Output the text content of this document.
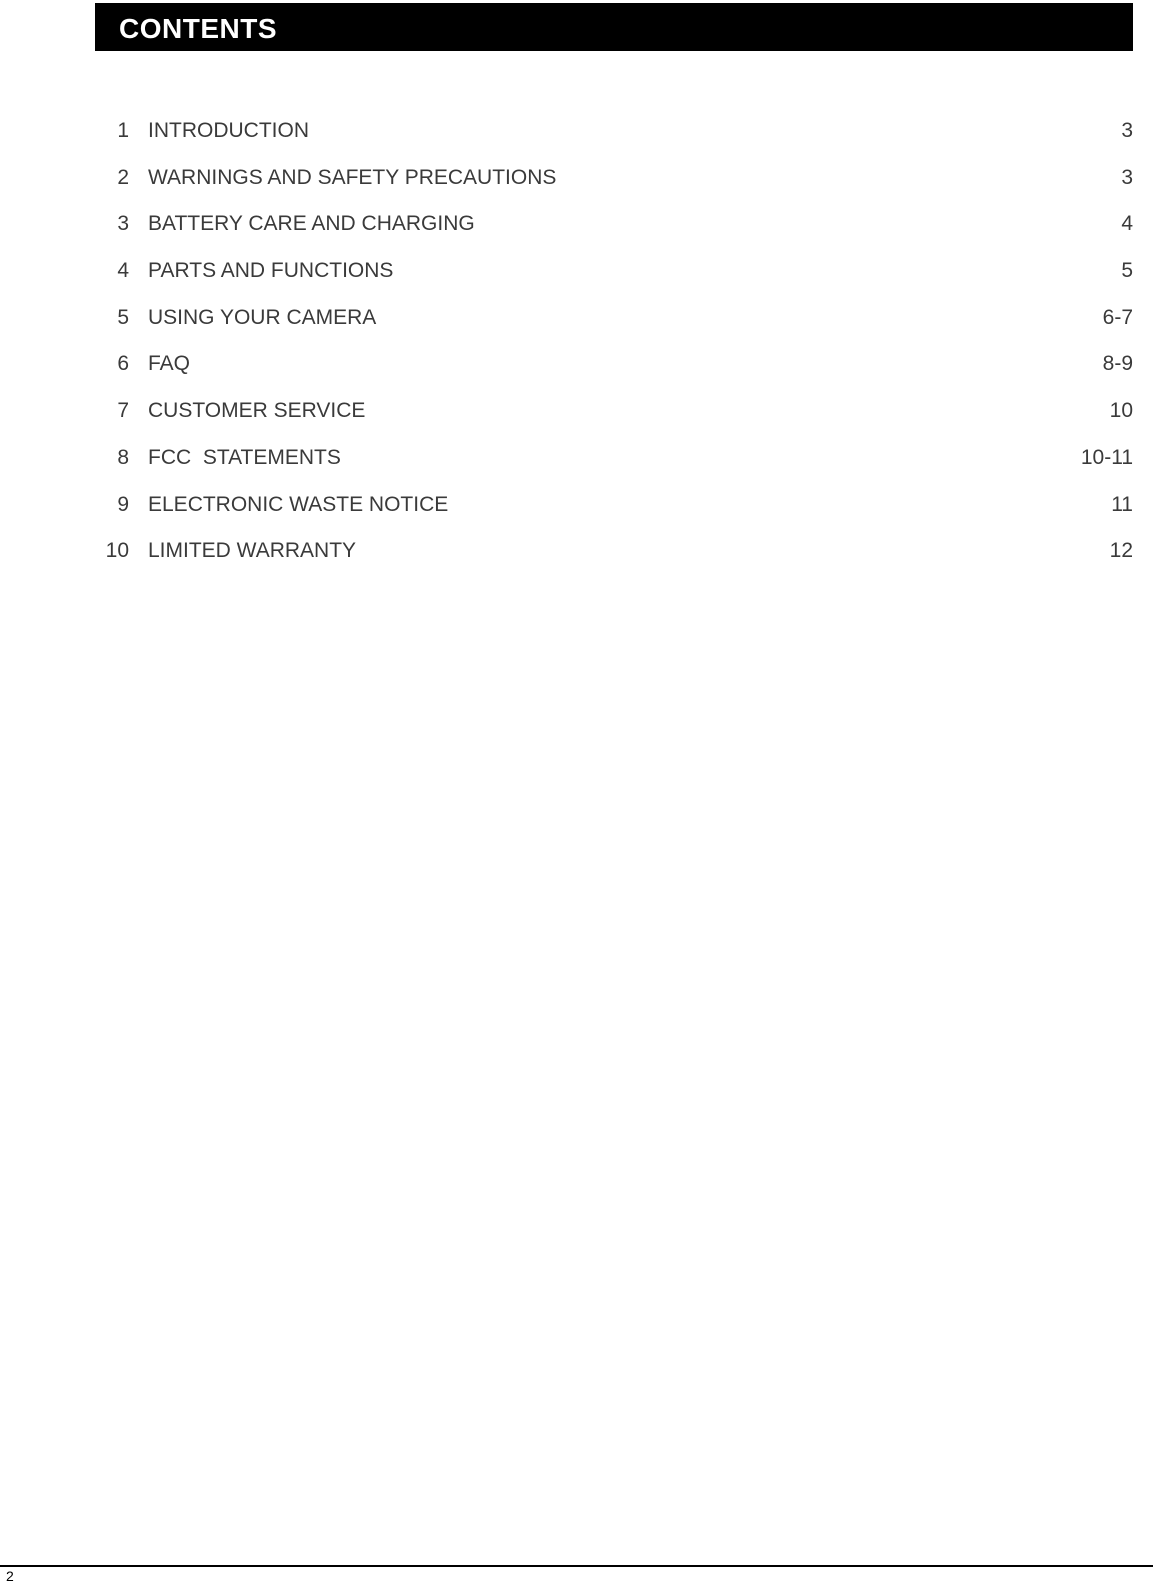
CONTENTS
1 INTRODUCTION	3
2 WARNINGS AND SAFETY PRECAUTIONS	3
3 BATTERY CARE AND CHARGING	4
4 PARTS AND FUNCTIONS	5
5 USING YOUR CAMERA	6-7
6 FAQ	8-9
7 CUSTOMER SERVICE	10
8 FCC  STATEMENTS	10-11
9 ELECTRONIC WASTE NOTICE	11
10 LIMITED WARRANTY	12
2
